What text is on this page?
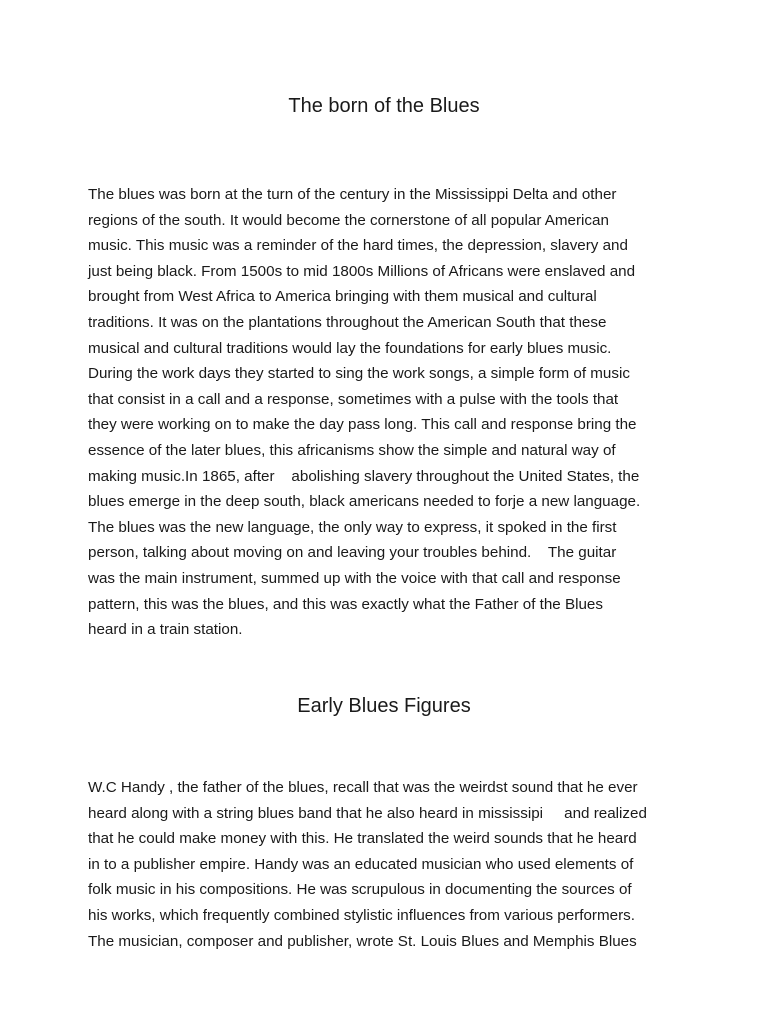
The born of the Blues
The blues was born at the turn of the century in the Mississippi Delta and other
regions of the south. It would become the cornerstone of all popular American
music. This music was a reminder of the hard times, the depression, slavery and
just being black. From 1500s to mid 1800s Millions of Africans were enslaved and
brought from West Africa to America bringing with them musical and cultural
traditions. It was on the plantations throughout the American South that these
musical and cultural traditions would lay the foundations for early blues music.
During the work days they started to sing the work songs, a simple form of music
that consist in a call and a response, sometimes with a pulse with the tools that
they were working on to make the day pass long. This call and response bring the
essence of the later blues, this africanisms show the simple and natural way of
making music.In 1865, after    abolishing slavery throughout the United States, the
blues emerge in the deep south, black americans needed to forje a new language.
The blues was the new language, the only way to express, it spoked in the first
person, talking about moving on and leaving your troubles behind.    The guitar
was the main instrument, summed up with the voice with that call and response
pattern, this was the blues, and this was exactly what the Father of the Blues
heard in a train station.
Early Blues Figures
W.C Handy , the father of the blues, recall that was the weirdst sound that he ever
heard along with a string blues band that he also heard in mississipi     and realized
that he could make money with this. He translated the weird sounds that he heard
in to a publisher empire. Handy was an educated musician who used elements of
folk music in his compositions. He was scrupulous in documenting the sources of
his works, which frequently combined stylistic influences from various performers.
The musician, composer and publisher, wrote St. Louis Blues and Memphis Blues
